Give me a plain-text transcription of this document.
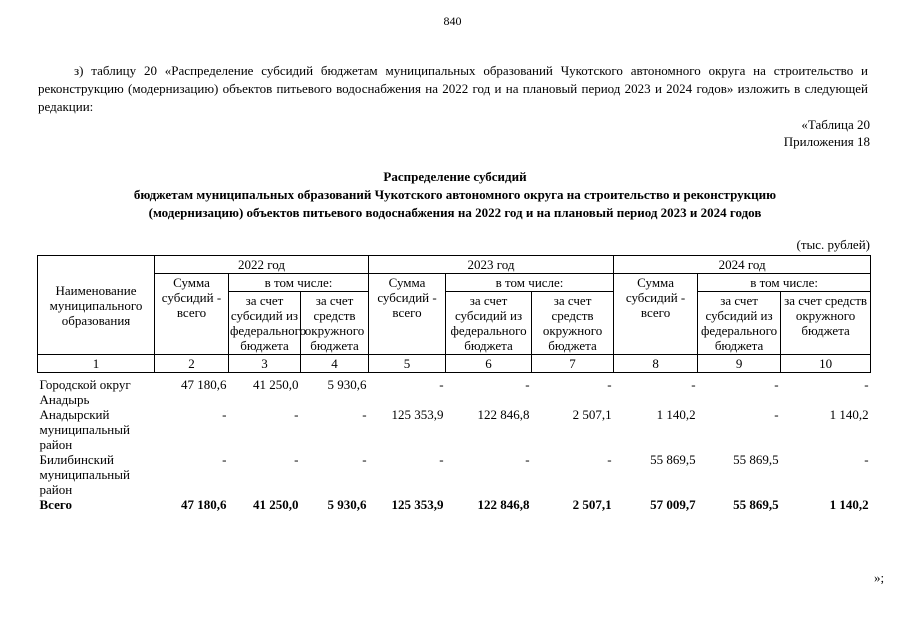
840
з) таблицу 20 «Распределение субсидий бюджетам муниципальных образований Чукотского автономного округа на строительство и реконструкцию (модернизацию) объектов питьевого водоснабжения на 2022 год и на плановый период 2023 и 2024 годов» изложить в следующей редакции:
«Таблица 20
Приложения 18
Распределение субсидий
бюджетам муниципальных образований Чукотского автономного округа на строительство и реконструкцию
(модернизацию) объектов питьевого водоснабжения на 2022 год и на плановый период 2023 и 2024 годов
(тыс. рублей)
Наименование муниципального образования	2022 год			2023 год			2024 год		
	Сумма субсидий - всего	в том числе:		Сумма субсидий - всего	в том числе:		Сумма субсидий - всего	в том числе:	
		за счет субсидий из федерального бюджета	за счет средств окружного бюджета		за счет субсидий из федерального бюджета	за счет средств окружного бюджета		за счет субсидий из федерального бюджета	за счет средств окружного бюджета
1	2	3	4	5	6	7	8	9	10

Городской округ Анадырь	47 180,6	41 250,0	5 930,6	-	-	-	-	-	-
Анадырский муниципальный район	-	-	-	125 353,9	122 846,8	2 507,1	1 140,2	-	1 140,2
Билибинский муниципальный район	-	-	-	-	-	-	55 869,5	55 869,5	-
Всего	47 180,6	41 250,0	5 930,6	125 353,9	122 846,8	2 507,1	57 009,7	55 869,5	1 140,2
»;
